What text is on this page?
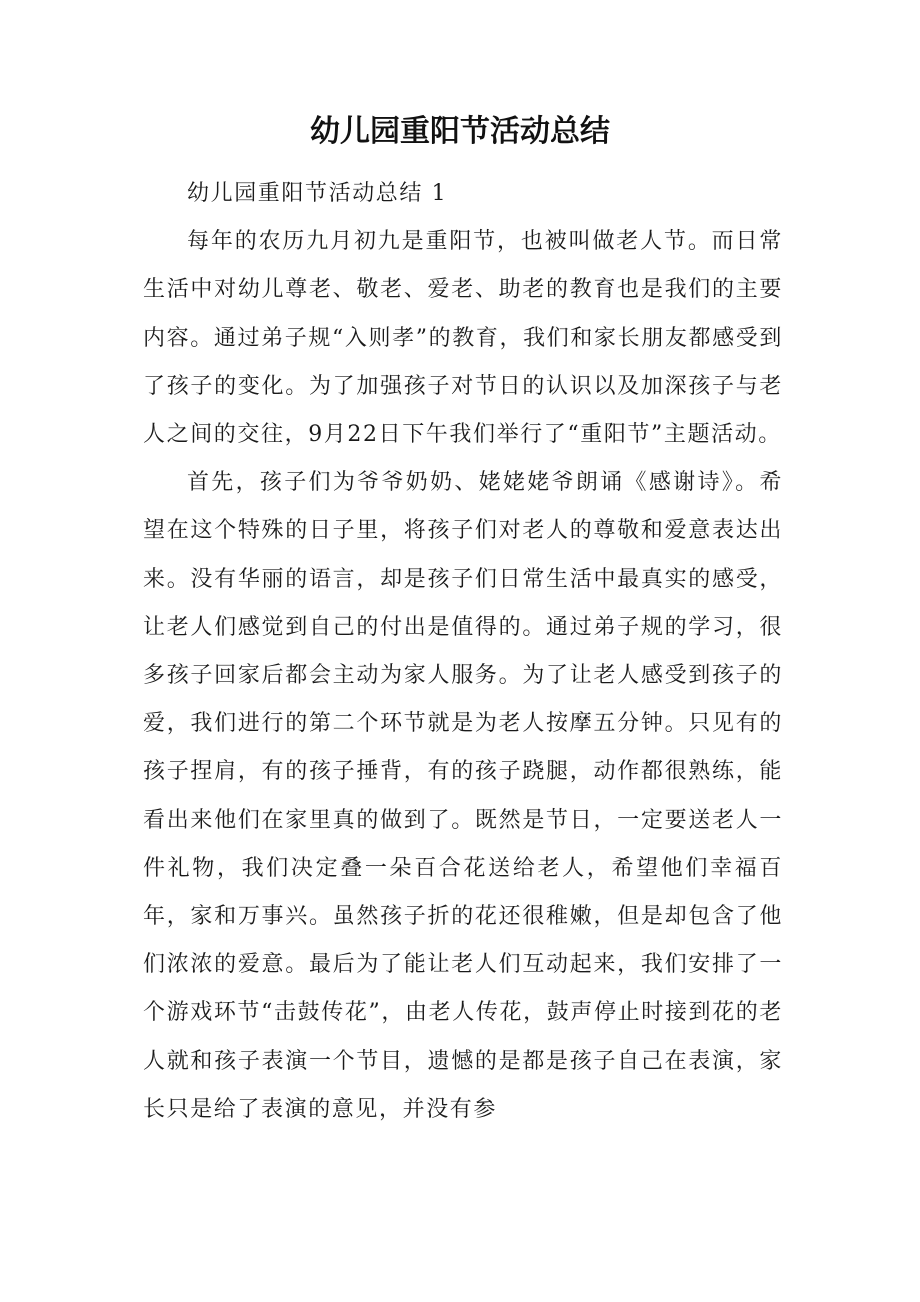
幼儿园重阳节活动总结

幼儿园重阳节活动总结 1

每年的农历九月初九是重阳节，也被叫做老人节。而日常生活中对幼儿尊老、敬老、爱老、助老的教育也是我们的主要内容。通过弟子规“入则孝”的教育，我们和家长朋友都感受到了孩子的变化。为了加强孩子对节日的认识以及加深孩子与老人之间的交往，9月22日下午我们举行了“重阳节”主题活动。

首先，孩子们为爷爷奶奶、姥姥姥爷朗诵《感谢诗》。希望在这个特殊的日子里，将孩子们对老人的尊敬和爱意表达出来。没有华丽的语言，却是孩子们日常生活中最真实的感受，让老人们感觉到自己的付出是值得的。通过弟子规的学习，很多孩子回家后都会主动为家人服务。为了让老人感受到孩子的爱，我们进行的第二个环节就是为老人按摩五分钟。只见有的孩子捏肩，有的孩子捶背，有的孩子跷腿，动作都很熟练，能看出来他们在家里真的做到了。既然是节日，一定要送老人一件礼物，我们决定叠一朵百合花送给老人，希望他们幸福百年，家和万事兴。虽然孩子折的花还很稚嫩，但是却包含了他们浓浓的爱意。最后为了能让老人们互动起来，我们安排了一个游戏环节“击鼓传花”，由老人传花，鼓声停止时接到花的老人就和孩子表演一个节目，遗憾的是都是孩子自己在表演，家长只是给了表演的意见，并没有参
